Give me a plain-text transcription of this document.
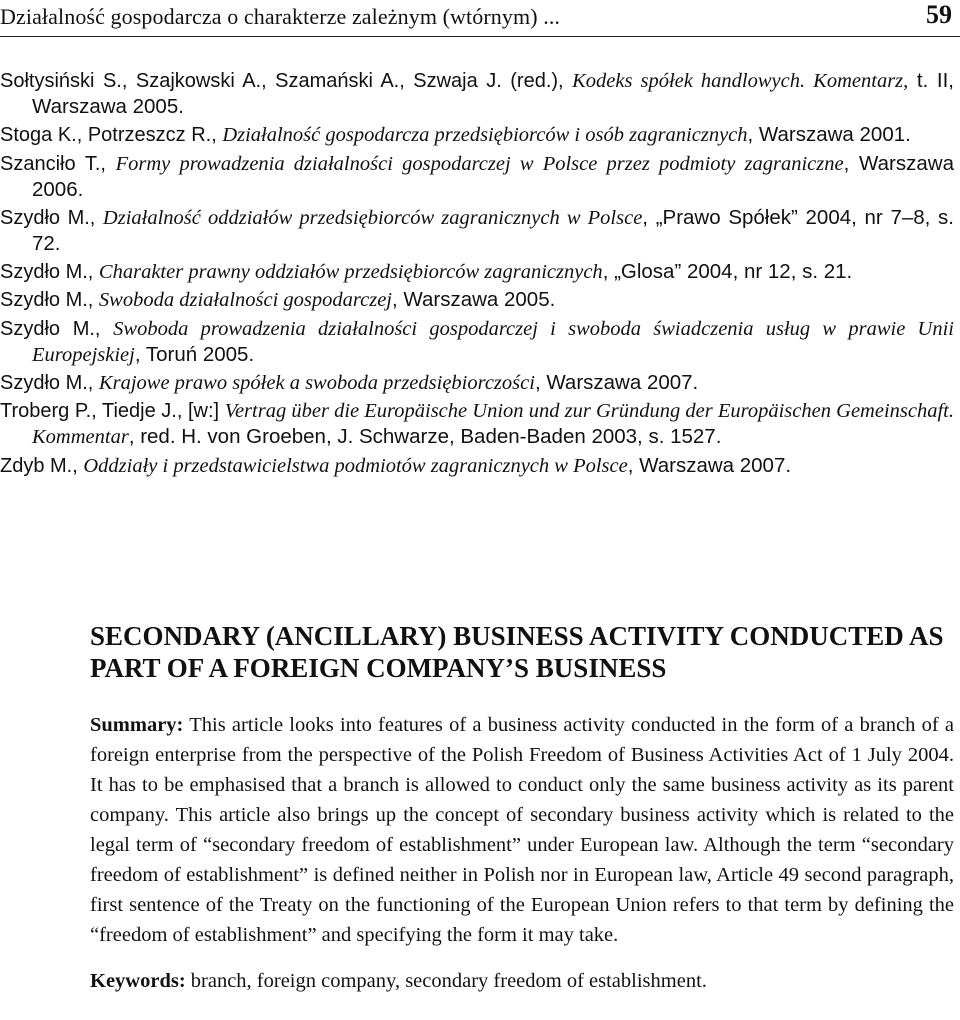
Działalność gospodarcza o charakterze zależnym (wtórnym) ...	59

Sołtysiński S., Szajkowski A., Szamański A., Szwaja J. (red.), Kodeks spółek handlowych. Komentarz, t. II, Warszawa 2005.

Stoga K., Potrzeszcz R., Działalność gospodarcza przedsiębiorców i osób zagranicznych, Warszawa 2001.

Szanciło T., Formy prowadzenia działalności gospodarczej w Polsce przez podmioty zagraniczne, Warszawa 2006.

Szydło M., Działalność oddziałów przedsiębiorców zagranicznych w Polsce, „Prawo Spółek” 2004, nr 7–8, s. 72.

Szydło M., Charakter prawny oddziałów przedsiębiorców zagranicznych, „Glosa” 2004, nr 12, s. 21.

Szydło M., Swoboda działalności gospodarczej, Warszawa 2005.

Szydło M., Swoboda prowadzenia działalności gospodarczej i swoboda świadczenia usług w prawie Unii Europejskiej, Toruń 2005.

Szydło M., Krajowe prawo spółek a swoboda przedsiębiorczości, Warszawa 2007.

Troberg P., Tiedje J., [w:] Vertrag über die Europäische Union und zur Gründung der Europäischen Gemeinschaft. Kommentar, red. H. von Groeben, J. Schwarze, Baden-Baden 2003, s. 1527.

Zdyb M., Oddziały i przedstawicielstwa podmiotów zagranicznych w Polsce, Warszawa 2007.

SECONDARY (ANCILLARY) BUSINESS ACTIVITY CONDUCTED AS PART OF A FOREIGN COMPANY’S BUSINESS

Summary: This article looks into features of a business activity conducted in the form of a branch of a foreign enterprise from the perspective of the Polish Freedom of Business Activities Act of 1 July 2004. It has to be emphasised that a branch is allowed to conduct only the same business activity as its parent company. This article also brings up the concept of secondary business activity which is related to the legal term of “secondary freedom of establishment” under European law. Although the term “secondary freedom of establishment” is defined neither in Polish nor in European law, Article 49 second paragraph, first sentence of the Treaty on the functioning of the European Union refers to that term by defining the “freedom of establishment” and specifying the form it may take.

Keywords: branch, foreign company, secondary freedom of establishment.
